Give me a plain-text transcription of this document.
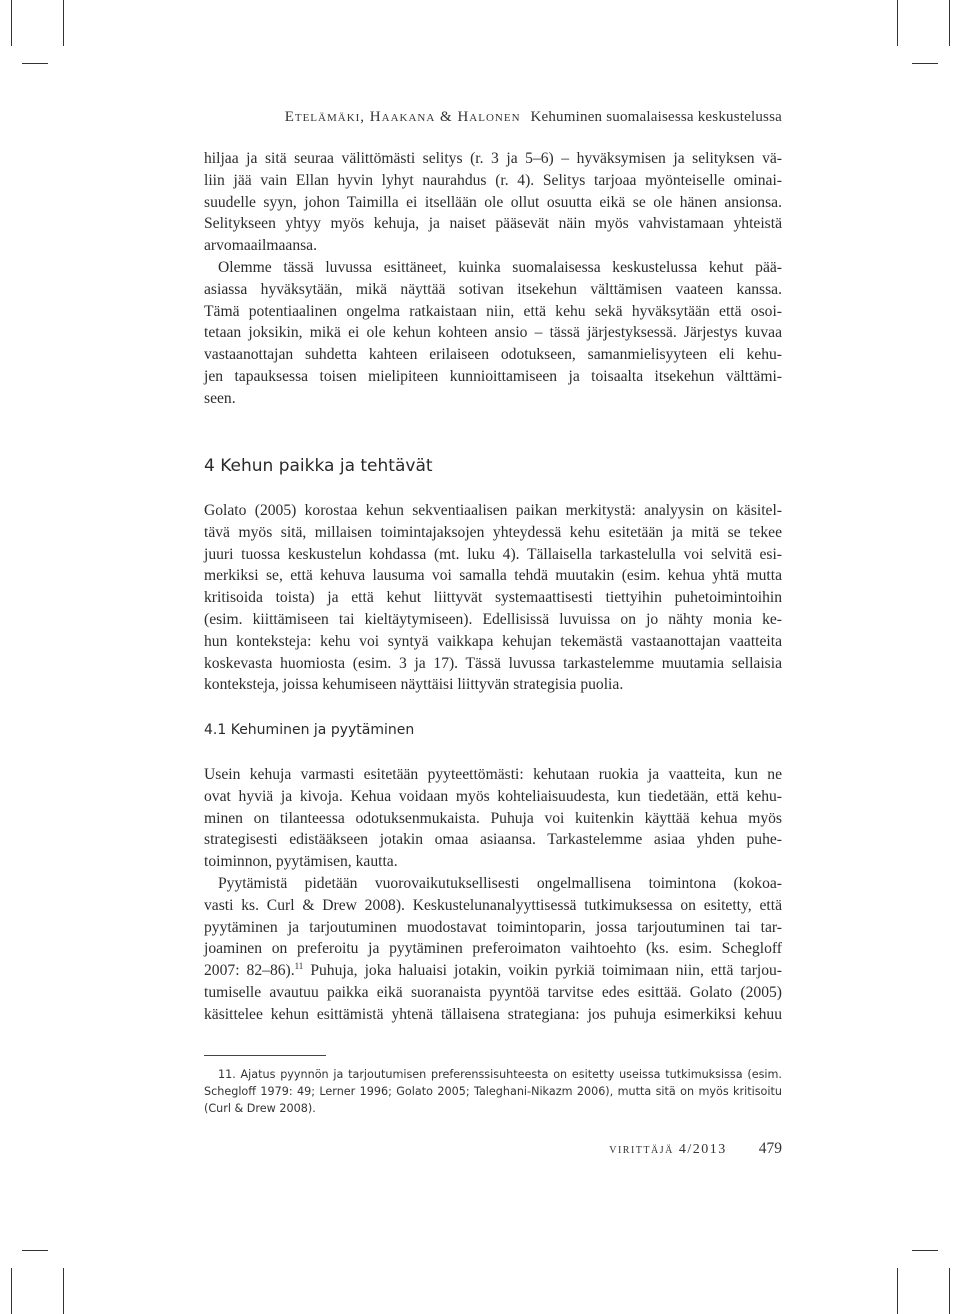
Etelämäki, Haakana & Halonen Kehuminen suomalaisessa keskustelussa

hiljaa ja sitä seuraa välittömästi selitys (r. 3 ja 5–6) – hyväksymisen ja selityksen vä-

liin jää vain Ellan hyvin lyhyt naurahdus (r. 4). Selitys tarjoaa myönteiselle ominai-

suudelle syyn, johon Taimilla ei itsellään ole ollut osuutta eikä se ole hänen ansionsa.

Selitykseen yhtyy myös kehuja, ja naiset pääsevät näin myös vahvistamaan yhteistä

arvomaailmaansa.

Olemme tässä luvussa esittäneet, kuinka suomalaisessa keskustelussa kehut pää-

asiassa hyväksytään, mikä näyttää sotivan itsekehun välttämisen vaateen kanssa.

Tämä potentiaalinen ongelma ratkaistaan niin, että kehu sekä hyväksytään että osoi-

tetaan joksikin, mikä ei ole kehun kohteen ansio – tässä järjestyksessä. Järjestys kuvaa

vastaanottajan suhdetta kahteen erilaiseen odotukseen, samanmielisyyteen eli kehu-

jen tapauksessa toisen mielipiteen kunnioittamiseen ja toisaalta itsekehun välttämi-

seen.

4 Kehun paikka ja tehtävät

Golato (2005) korostaa kehun sekventiaalisen paikan merkitystä: analyysin on käsitel-

tävä myös sitä, millaisen toimintajaksojen yhteydessä kehu esitetään ja mitä se tekee

juuri tuossa keskustelun kohdassa (mt. luku 4). Tällaisella tarkastelulla voi selvitä esi-

merkiksi se, että kehuva lausuma voi samalla tehdä muutakin (esim. kehua yhtä mutta

kritisoida toista) ja että kehut liittyvät systemaattisesti tiettyihin puhetoimintoihin

(esim. kiittämiseen tai kieltäytymiseen). Edellisissä luvuissa on jo nähty monia ke-

hun konteksteja: kehu voi syntyä vaikkapa kehujan tekemästä vastaanottajan vaatteita

koskevasta huomiosta (esim. 3 ja 17). Tässä luvussa tarkastelemme muutamia sellaisia

konteksteja, joissa kehumiseen näyttäisi liittyvän strategisia puolia.

4.1 Kehuminen ja pyytäminen

Usein kehuja varmasti esitetään pyyteettömästi: kehutaan ruokia ja vaatteita, kun ne

ovat hyviä ja kivoja. Kehua voidaan myös kohteliaisuudesta, kun tiedetään, että kehu-

minen on tilanteessa odotuksenmukaista. Puhuja voi kuitenkin käyttää kehua myös

strategisesti edistääkseen jotakin omaa asiaansa. Tarkastelemme asiaa yhden puhe-

toiminnon, pyytämisen, kautta.

Pyytämistä pidetään vuorovaikutuksellisesti ongelmallisena toimintona (kokoa-

vasti ks. Curl & Drew 2008). Keskustelunanalyyttisessä tutkimuksessa on esitetty, että

pyytäminen ja tarjoutuminen muodostavat toimintoparin, jossa tarjoutuminen tai tar-

joaminen on preferoitu ja pyytäminen preferoimaton vaihtoehto (ks. esim. Schegloff

2007: 82–86).$^{11}$ Puhuja, joka haluaisi jotakin, voikin pyrkiä toimimaan niin, että tarjou-

tumiselle avautuu paikka eikä suoranaista pyyntöä tarvitse edes esittää. Golato (2005)

käsittelee kehun esittämistä yhtenä tällaisena strategiana: jos puhuja esimerkiksi kehuu

11. Ajatus pyynnön ja tarjoutumisen preferenssisuhteesta on esitetty useissa tutkimuksissa (esim.

Schegloff 1979: 49; Lerner 1996; Golato 2005; Taleghani-Nikazm 2006), mutta sitä on myös kritisoitu

(Curl & Drew 2008).

virittäjä 4/2013 479
